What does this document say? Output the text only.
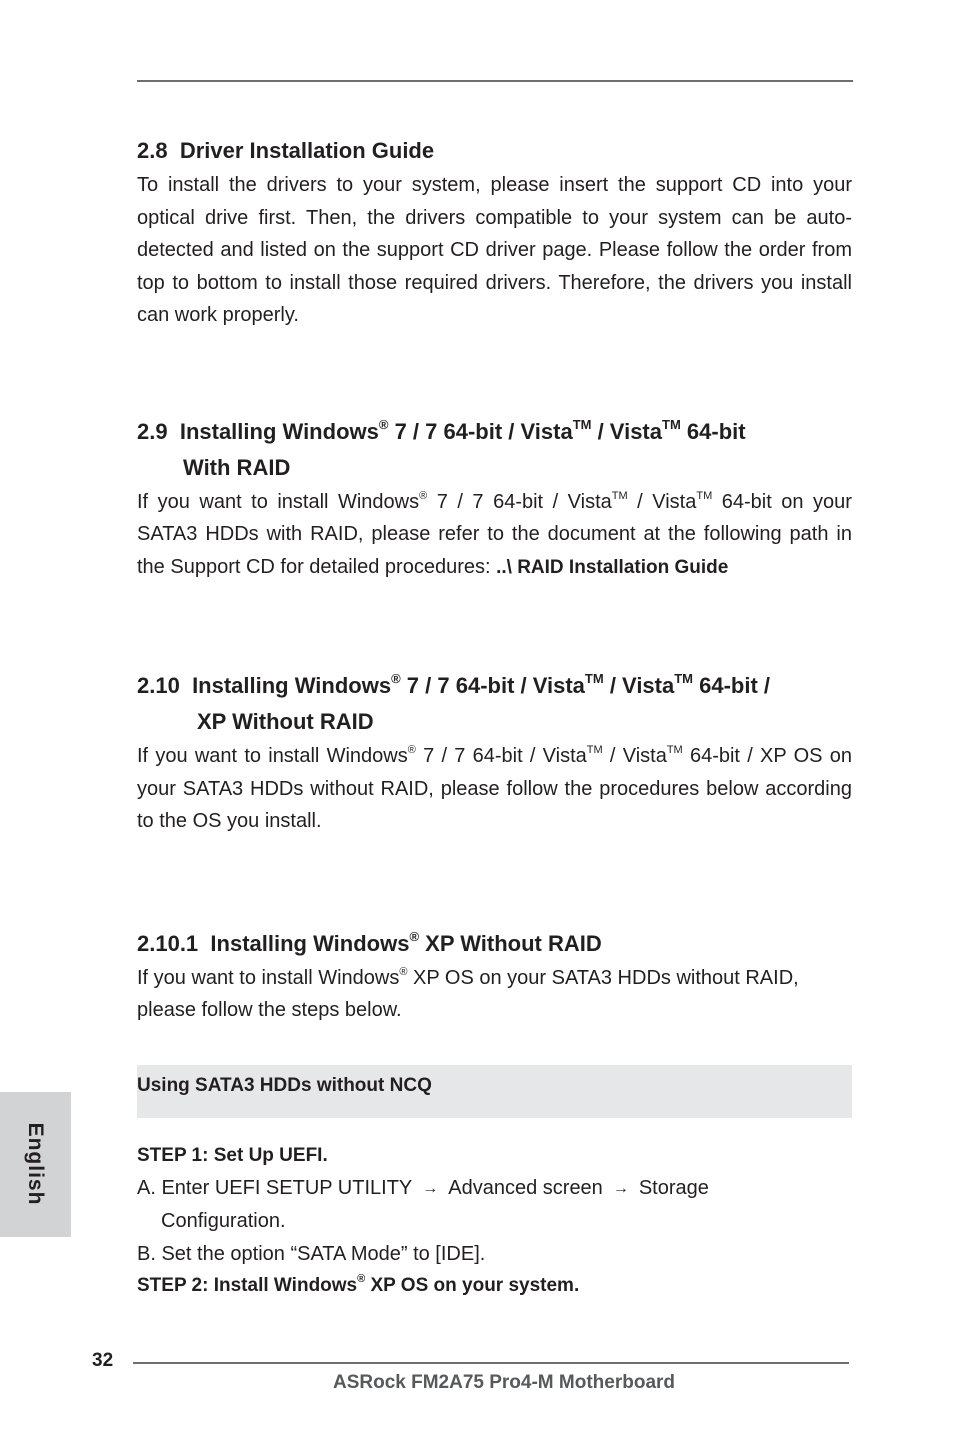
2.8 Driver Installation Guide

To install the drivers to your system, please insert the support CD into your optical drive first. Then, the drivers compatible to your system can be auto-detected and listed on the support CD driver page. Please follow the order from top to bottom to install those required drivers. Therefore, the drivers you install can work properly.

2.9 Installing Windows® 7 / 7 64-bit / Vista™ / Vista™ 64-bit
With RAID

If you want to install Windows® 7 / 7 64-bit / Vista™ / Vista™ 64-bit on your SATA3 HDDs with RAID, please refer to the document at the following path in the Support CD for detailed procedures: ..\ RAID Installation Guide

2.10 Installing Windows® 7 / 7 64-bit / Vista™ / Vista™ 64-bit /
XP Without RAID

If you want to install Windows® 7 / 7 64-bit / Vista™ / Vista™ 64-bit / XP OS on your SATA3 HDDs without RAID, please follow the procedures below according to the OS you install.

2.10.1 Installing Windows® XP Without RAID

If you want to install Windows® XP OS on your SATA3 HDDs without RAID, please follow the steps below.

Using SATA3 HDDs without NCQ
STEP 1: Set Up UEFI.

A. Enter UEFI SETUP UTILITY → Advanced screen → Storage

Configuration.

B. Set the option “SATA Mode” to [IDE].

STEP 2: Install Windows® XP OS on your system.
English
32
ASRock FM2A75 Pro4-M Motherboard
